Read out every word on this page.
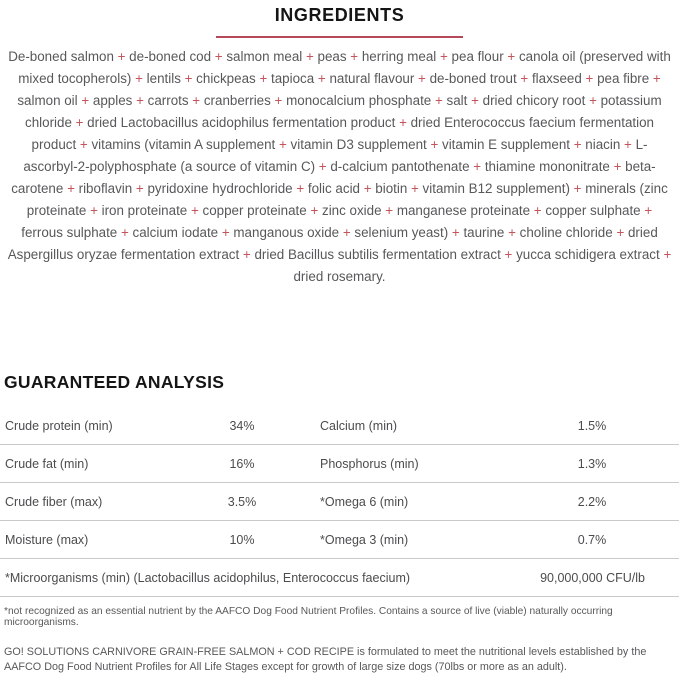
INGREDIENTS

De-boned salmon + de-boned cod + salmon meal + peas + herring meal + pea flour + canola oil (preserved with mixed tocopherols) + lentils + chickpeas + tapioca + natural flavour + de-boned trout + flaxseed + pea fibre + salmon oil + apples + carrots + cranberries + monocalcium phosphate + salt + dried chicory root + potassium chloride + dried Lactobacillus acidophilus fermentation product + dried Enterococcus faecium fermentation product + vitamins (vitamin A supplement + vitamin D3 supplement + vitamin E supplement + niacin + L-ascorbyl-2-polyphosphate (a source of vitamin C) + d-calcium pantothenate + thiamine mononitrate + beta-carotene + riboflavin + pyridoxine hydrochloride + folic acid + biotin + vitamin B12 supplement) + minerals (zinc proteinate + iron proteinate + copper proteinate + zinc oxide + manganese proteinate + copper sulphate + ferrous sulphate + calcium iodate + manganous oxide + selenium yeast) + taurine + choline chloride + dried Aspergillus oryzae fermentation extract + dried Bacillus subtilis fermentation extract + yucca schidigera extract + dried rosemary.

GUARANTEED ANALYSIS
Crude protein (min)	34%	Calcium (min)	1.5%
Crude fat (min)	16%	Phosphorus (min)	1.3%
Crude fiber (max)	3.5%	*Omega 6 (min)	2.2%
Moisture (max)	10%	*Omega 3 (min)	0.7%
*Microorganisms (min) (Lactobacillus acidophilus, Enterococcus faecium)	90,000,000 CFU/lb

*not recognized as an essential nutrient by the AAFCO Dog Food Nutrient Profiles. Contains a source of live (viable) naturally occurring microorganisms.

GO! SOLUTIONS CARNIVORE GRAIN-FREE SALMON + COD RECIPE is formulated to meet the nutritional levels established by the AAFCO Dog Food Nutrient Profiles for All Life Stages except for growth of large size dogs (70lbs or more as an adult).
